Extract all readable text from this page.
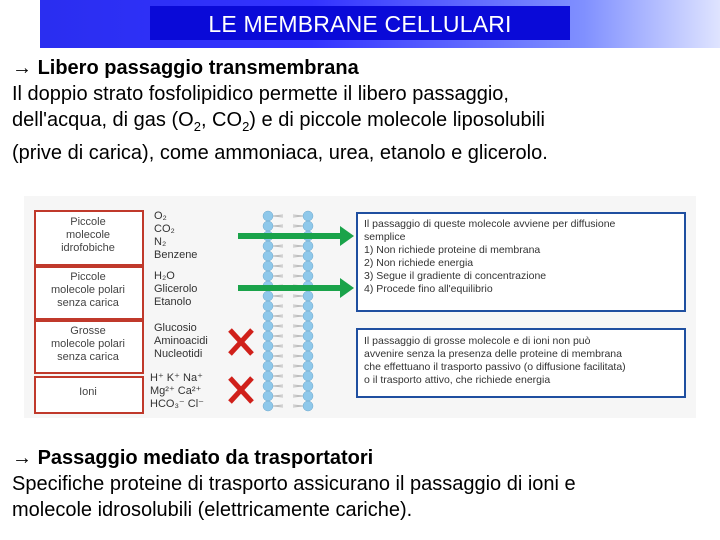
LE MEMBRANE CELLULARI
→ Libero passaggio transmembrana
Il doppio strato fosfolipidico permette il libero passaggio,
dell'acqua, di gas ($O_2$, $CO_2$) e di piccole molecole liposolubili
(prive di carica), come ammoniaca, urea, etanolo e glicerolo.
Piccole
molecole
idrofobiche
Piccole
molecole polari
senza carica
Grosse
molecole polari
senza carica
Ioni
O₂
CO₂
N₂
Benzene
H₂O
Glicerolo
Etanolo
Glucosio
Aminoacidi
Nucleotidi
H⁺ K⁺ Na⁺
Mg²⁺ Ca²⁺
HCO₃⁻ Cl⁻
Il passaggio di queste molecole avviene per diffusione
semplice
1) Non richiede proteine di membrana
2) Non richiede energia
3) Segue il gradiente di concentrazione
4) Procede fino all'equilibrio
Il passaggio di grosse molecole e di ioni non può
avvenire senza la presenza delle proteine di membrana
che effettuano il trasporto passivo (o diffusione facilitata)
o il trasporto attivo, che richiede energia
→ Passaggio mediato da trasportatori
Specifiche proteine di trasporto assicurano il passaggio di ioni e
molecole idrosolubili (elettricamente cariche).
